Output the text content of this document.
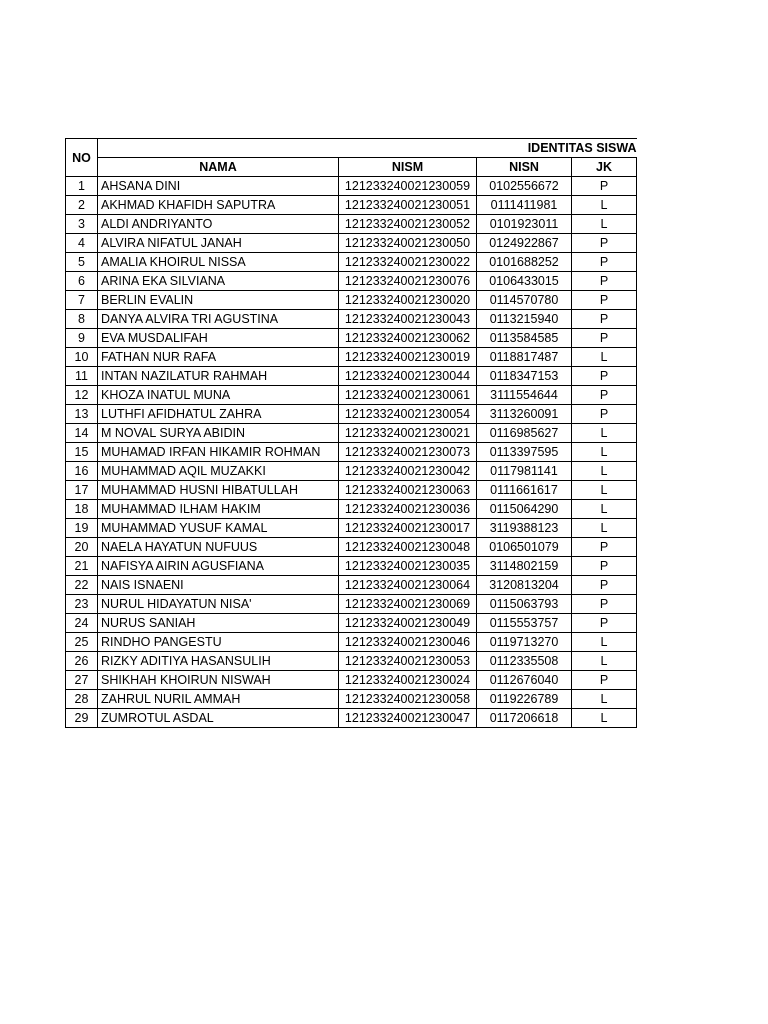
NO	IDENTITAS SISWA			
	NAMA	NISM	NISN	JK
1	AHSANA DINI	121233240021230059	0102556672	P
2	AKHMAD KHAFIDH SAPUTRA	121233240021230051	0111411981	L
3	ALDI ANDRIYANTO	121233240021230052	0101923011	L
4	ALVIRA NIFATUL JANAH	121233240021230050	0124922867	P
5	AMALIA KHOIRUL NISSA	121233240021230022	0101688252	P
6	ARINA EKA SILVIANA	121233240021230076	0106433015	P
7	BERLIN EVALIN	121233240021230020	0114570780	P
8	DANYA ALVIRA TRI AGUSTINA	121233240021230043	0113215940	P
9	EVA MUSDALIFAH	121233240021230062	0113584585	P
10	FATHAN NUR RAFA	121233240021230019	0118817487	L
11	INTAN NAZILATUR RAHMAH	121233240021230044	0118347153	P
12	KHOZA INATUL MUNA	121233240021230061	3111554644	P
13	LUTHFI AFIDHATUL ZAHRA	121233240021230054	3113260091	P
14	M NOVAL SURYA ABIDIN	121233240021230021	0116985627	L
15	MUHAMAD IRFAN HIKAMIR ROHMAN	121233240021230073	0113397595	L
16	MUHAMMAD AQIL MUZAKKI	121233240021230042	0117981141	L
17	MUHAMMAD HUSNI HIBATULLAH	121233240021230063	0111661617	L
18	MUHAMMAD ILHAM HAKIM	121233240021230036	0115064290	L
19	MUHAMMAD YUSUF KAMAL	121233240021230017	3119388123	L
20	NAELA HAYATUN NUFUUS	121233240021230048	0106501079	P
21	NAFISYA AIRIN AGUSFIANA	121233240021230035	3114802159	P
22	NAIS ISNAENI	121233240021230064	3120813204	P
23	NURUL HIDAYATUN NISA'	121233240021230069	0115063793	P
24	NURUS SANIAH	121233240021230049	0115553757	P
25	RINDHO PANGESTU	121233240021230046	0119713270	L
26	RIZKY ADITIYA HASANSULIH	121233240021230053	0112335508	L
27	SHIKHAH KHOIRUN NISWAH	121233240021230024	0112676040	P
28	ZAHRUL NURIL AMMAH	121233240021230058	0119226789	L
29	ZUMROTUL ASDAL	121233240021230047	0117206618	L
